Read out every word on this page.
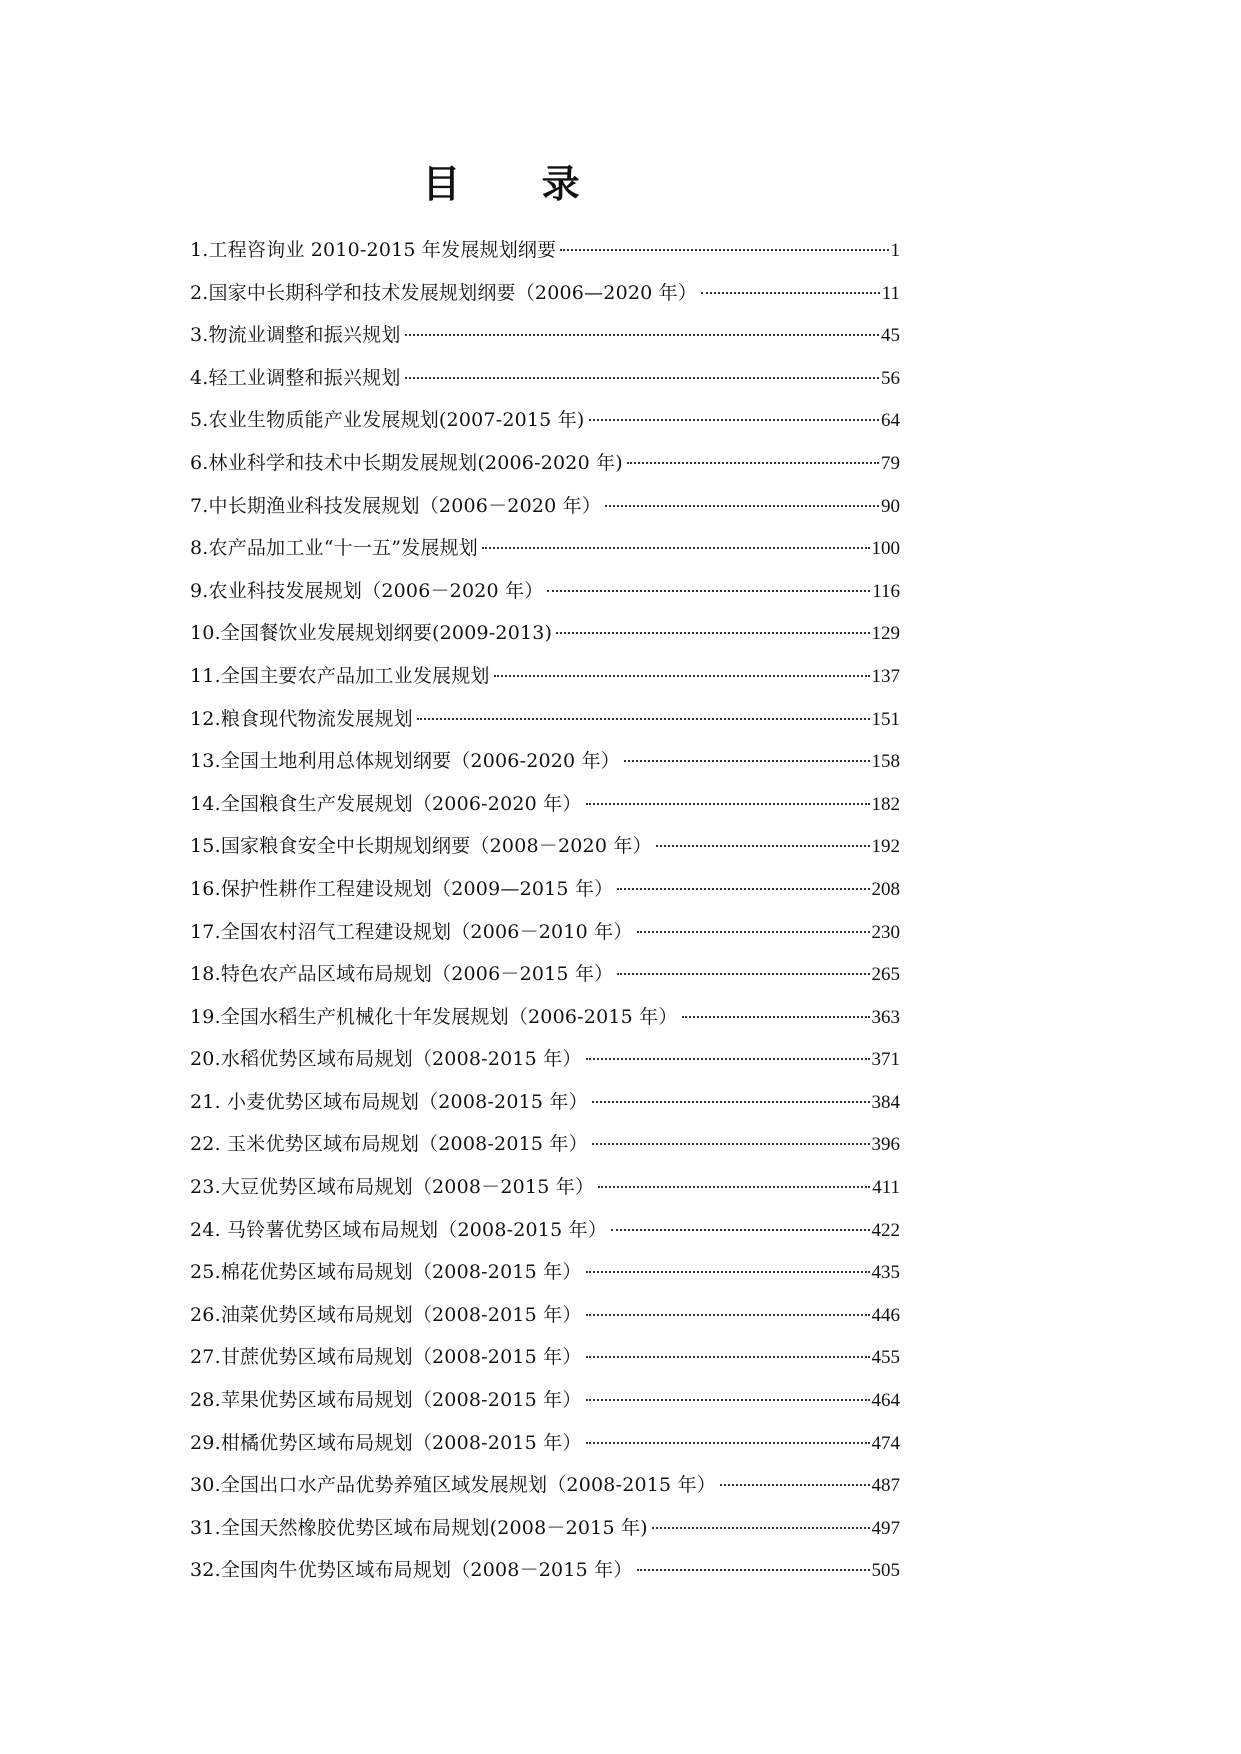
目 录
1.工程咨询业 2010-2015 年发展规划纲要	1
2.国家中长期科学和技术发展规划纲要（2006—2020 年）	11
3.物流业调整和振兴规划	45
4.轻工业调整和振兴规划	56
5.农业生物质能产业发展规划(2007-2015 年)	64
6.林业科学和技术中长期发展规划(2006-2020 年)	79
7.中长期渔业科技发展规划（2006－2020 年）	90
8.农产品加工业“十一五”发展规划	100
9.农业科技发展规划（2006－2020 年）	116
10.全国餐饮业发展规划纲要(2009-2013)	129
11.全国主要农产品加工业发展规划	137
12.粮食现代物流发展规划	151
13.全国土地利用总体规划纲要（2006-2020 年）	158
14.全国粮食生产发展规划（2006-2020 年）	182
15.国家粮食安全中长期规划纲要（2008－2020 年）	192
16.保护性耕作工程建设规划（2009—2015 年）	208
17.全国农村沼气工程建设规划（2006－2010 年）	230
18.特色农产品区域布局规划（2006－2015 年）	265
19.全国水稻生产机械化十年发展规划（2006-2015 年）	363
20.水稻优势区域布局规划（2008-2015 年）	371
21. 小麦优势区域布局规划（2008-2015 年）	384
22. 玉米优势区域布局规划（2008-2015 年）	396
23.大豆优势区域布局规划（2008－2015 年）	411
24. 马铃薯优势区域布局规划（2008-2015 年）	422
25.棉花优势区域布局规划（2008-2015 年）	435
26.油菜优势区域布局规划（2008-2015 年）	446
27.甘蔗优势区域布局规划（2008-2015 年）	455
28.苹果优势区域布局规划（2008-2015 年）	464
29.柑橘优势区域布局规划（2008-2015 年）	474
30.全国出口水产品优势养殖区域发展规划（2008-2015 年）	487
31.全国天然橡胶优势区域布局规划(2008－2015 年)	497
32.全国肉牛优势区域布局规划（2008－2015 年）	505
